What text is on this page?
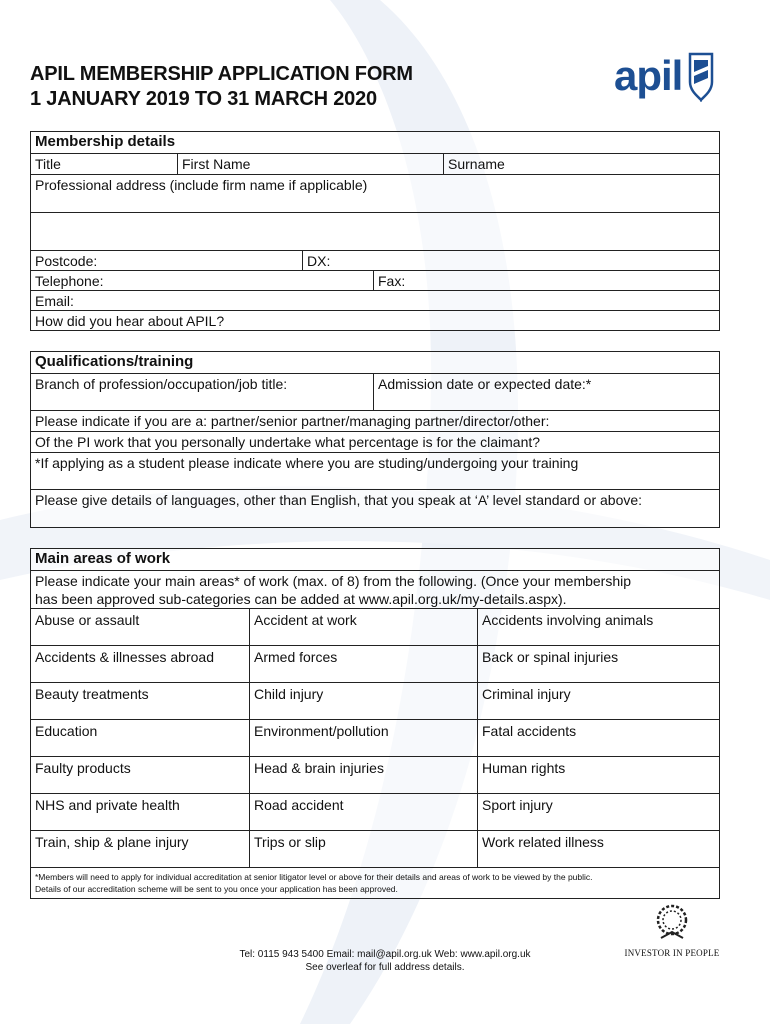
APIL MEMBERSHIP APPLICATION FORM
1 JANUARY 2019 TO 31 MARCH 2020	apil
Membership details
Title	First Name	Surname
Professional address (include firm name if applicable)
Postcode:	DX:
Telephone:	Fax:
Email:
How did you hear about APIL?
Qualifications/training
Branch of profession/occupation/job title:	Admission date or expected date:*
Please indicate if you are a: partner/senior partner/managing partner/director/other:
Of the PI work that you personally undertake what percentage is for the claimant?
*If applying as a student please indicate where you are studing/undergoing your training
Please give details of languages, other than English, that you speak at ‘A’ level standard or above:
Main areas of work
Please indicate your main areas* of work (max. of 8) from the following. (Once your membership
has been approved sub-categories can be added at www.apil.org.uk/my-details.aspx).
Abuse or assault	Accident at work	Accidents involving animals
Accidents & illnesses abroad	Armed forces	Back or spinal injuries
Beauty treatments	Child injury	Criminal injury
Education	Environment/pollution	Fatal accidents
Faulty products	Head & brain injuries	Human rights
NHS and private health	Road accident	Sport injury
Train, ship & plane injury	Trips or slip	Work related illness
*Members will need to apply for individual accreditation at senior litigator level or above for their details and areas of work to be viewed by the public.
Details of our accreditation scheme will be sent to you once your application has been approved.
Tel: 0115 943 5400 Email: mail@apil.org.uk Web: www.apil.org.uk
See overleaf for full address details.
INVESTOR IN PEOPLE
